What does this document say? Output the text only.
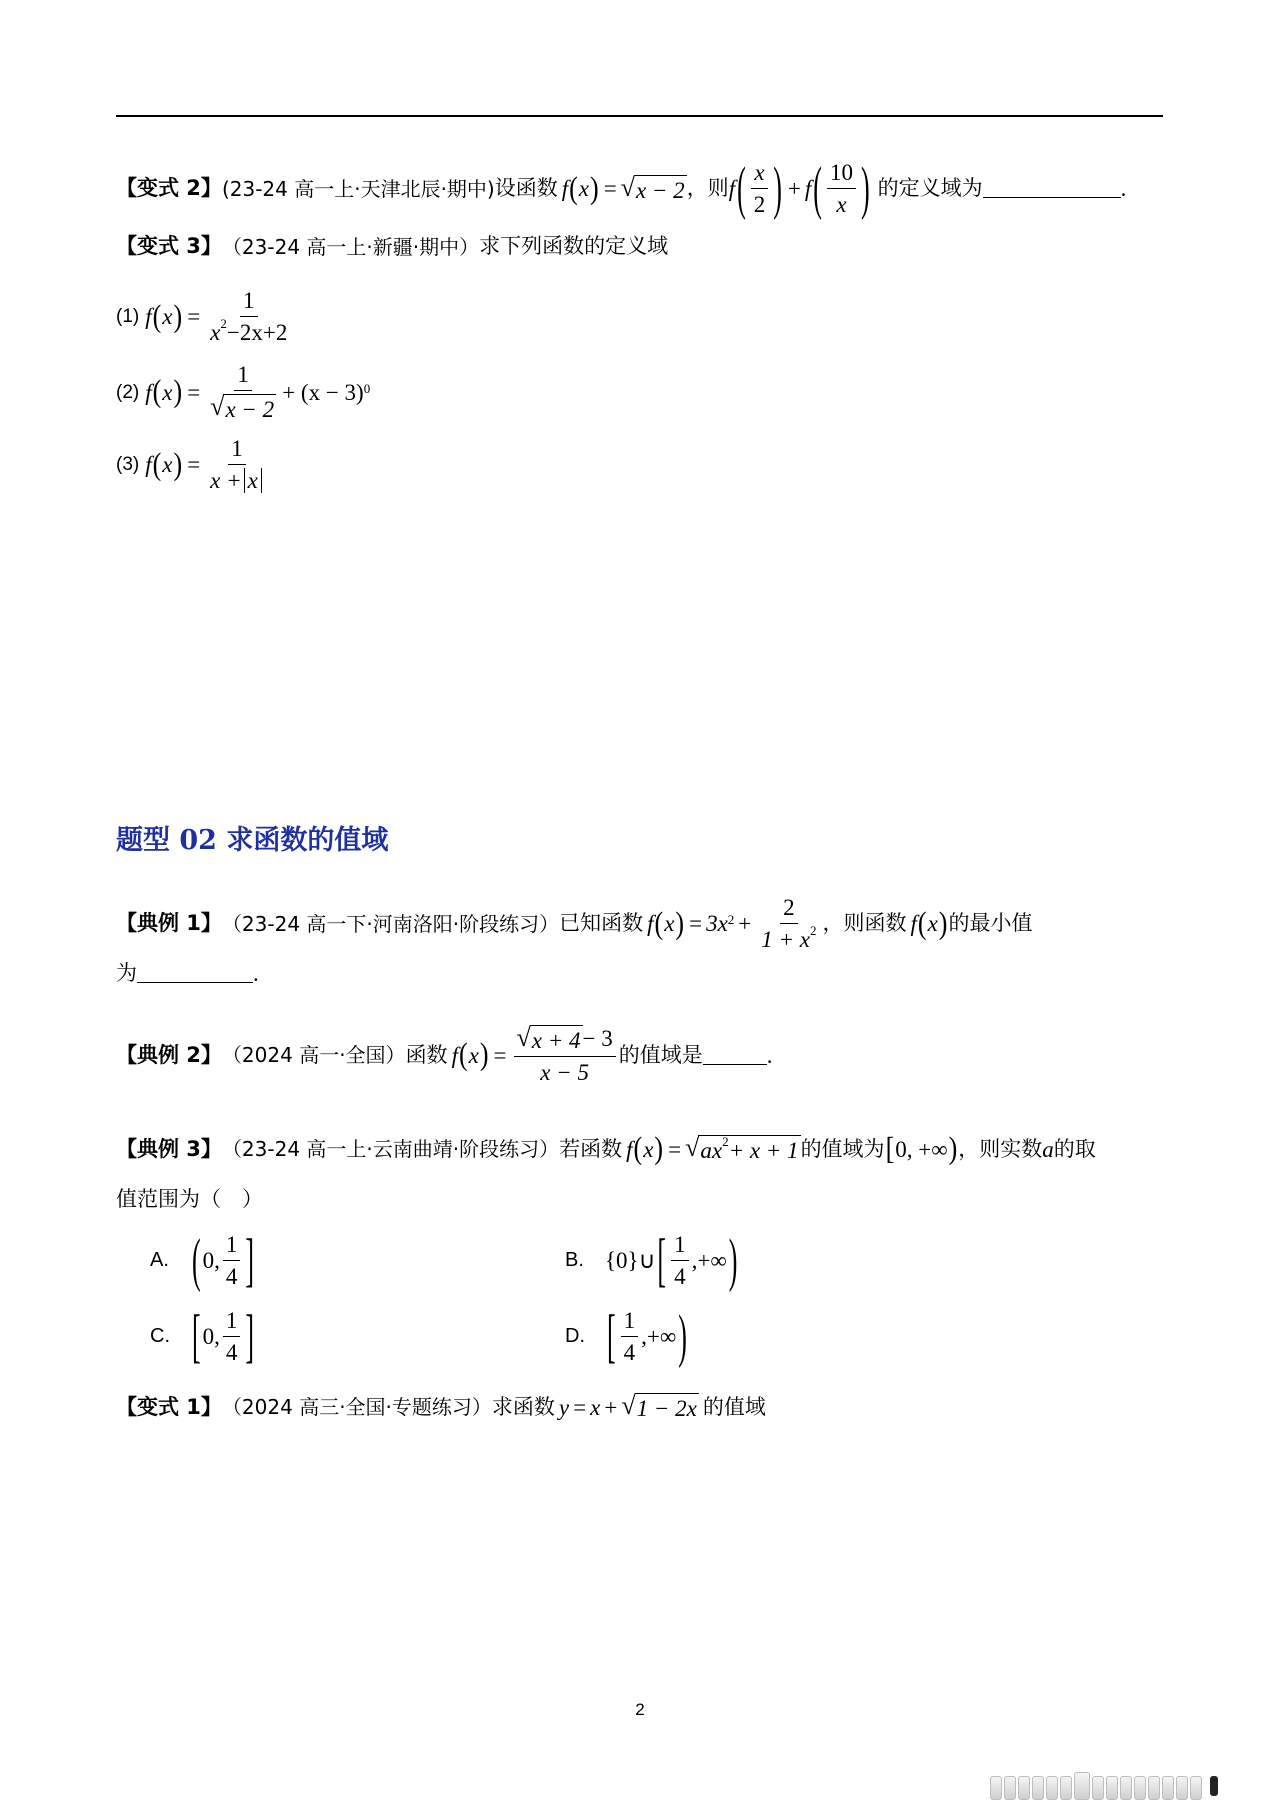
【变式 2】 (23-24 高一上·天津北辰·期中) 设函数 f ( x ) = √ x − 2 ，则 f ( $\frac{x}{2}$ ) + f ( $\frac{10}{x}$ ) 的定义域为	.
【变式 3】 （23-24 高一上·新疆·期中） 求下列函数的定义域
(1) f ( x ) = $\frac{1}{x^2-2x+2}$
(2) f ( x ) = $\frac{1}{√ x - 2} + (x - 3)$ 0
(3) f ( x ) = $\frac{1}{x + x}$
题型 02 求函数的值域
【典例 1】 （23-24 高一下·河南洛阳·阶段练习） 已知函数 f ( x ) = 3x $2 + \frac{2}{1 + x^2}$ ，则函数 f ( x ) 的最小值
为	.
【典例 2】 （2024 高一·全国） 函数 f ( x ) = $\frac{√ x + 4 - 3}{x - 5}$ 的值域是	.
【典例 3】 （23-24 高一上·云南曲靖·阶段练习） 若函数 f ( x ) = √ $ax^2+ x + 1$ 的值域为 [ 0, +∞ ) ，则实数 a 的取
值范围为（　）
A. ( 0, $\frac{1}{4}$ ]	B. {0}∪ [ $\frac{1}{4}$ ,+∞ )
C. [ 0, $\frac{1}{4}$ ]	D. [ $\frac{1}{4}$ ,+∞ )
【变式 1】 （2024 高三·全国·专题练习） 求函数 y = x + √ 1 − 2x 的值域
2
